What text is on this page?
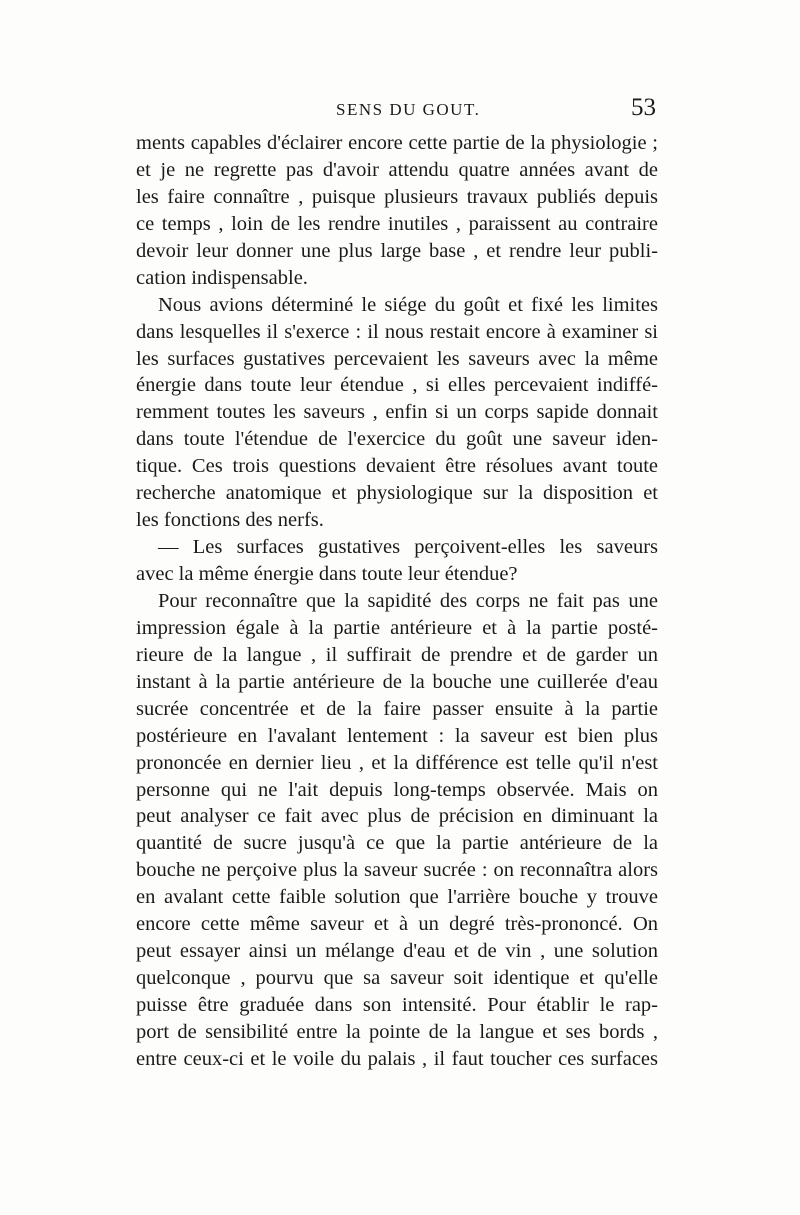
SENS DU GOUT.	53
ments capables d'éclairer encore cette partie de la physiologie ;
et je ne regrette pas d'avoir attendu quatre années avant de
les faire connaître , puisque plusieurs travaux publiés depuis
ce temps , loin de les rendre inutiles , paraissent au contraire
devoir leur donner une plus large base , et rendre leur publi-
cation indispensable.
Nous avions déterminé le siége du goût et fixé les limites
dans lesquelles il s'exerce : il nous restait encore à examiner si
les surfaces gustatives percevaient les saveurs avec la même
énergie dans toute leur étendue , si elles percevaient indiffé-
remment toutes les saveurs , enfin si un corps sapide donnait
dans toute l'étendue de l'exercice du goût une saveur iden-
tique. Ces trois questions devaient être résolues avant toute
recherche anatomique et physiologique sur la disposition et
les fonctions des nerfs.
— Les surfaces gustatives perçoivent-elles les saveurs
avec la même énergie dans toute leur étendue?
Pour reconnaître que la sapidité des corps ne fait pas une
impression égale à la partie antérieure et à la partie posté-
rieure de la langue , il suffirait de prendre et de garder un
instant à la partie antérieure de la bouche une cuillerée d'eau
sucrée concentrée et de la faire passer ensuite à la partie
postérieure en l'avalant lentement : la saveur est bien plus
prononcée en dernier lieu , et la différence est telle qu'il n'est
personne qui ne l'ait depuis long-temps observée. Mais on
peut analyser ce fait avec plus de précision en diminuant la
quantité de sucre jusqu'à ce que la partie antérieure de la
bouche ne perçoive plus la saveur sucrée : on reconnaîtra alors
en avalant cette faible solution que l'arrière bouche y trouve
encore cette même saveur et à un degré très-prononcé. On
peut essayer ainsi un mélange d'eau et de vin , une solution
quelconque , pourvu que sa saveur soit identique et qu'elle
puisse être graduée dans son intensité. Pour établir le rap-
port de sensibilité entre la pointe de la langue et ses bords ,
entre ceux-ci et le voile du palais , il faut toucher ces surfaces
